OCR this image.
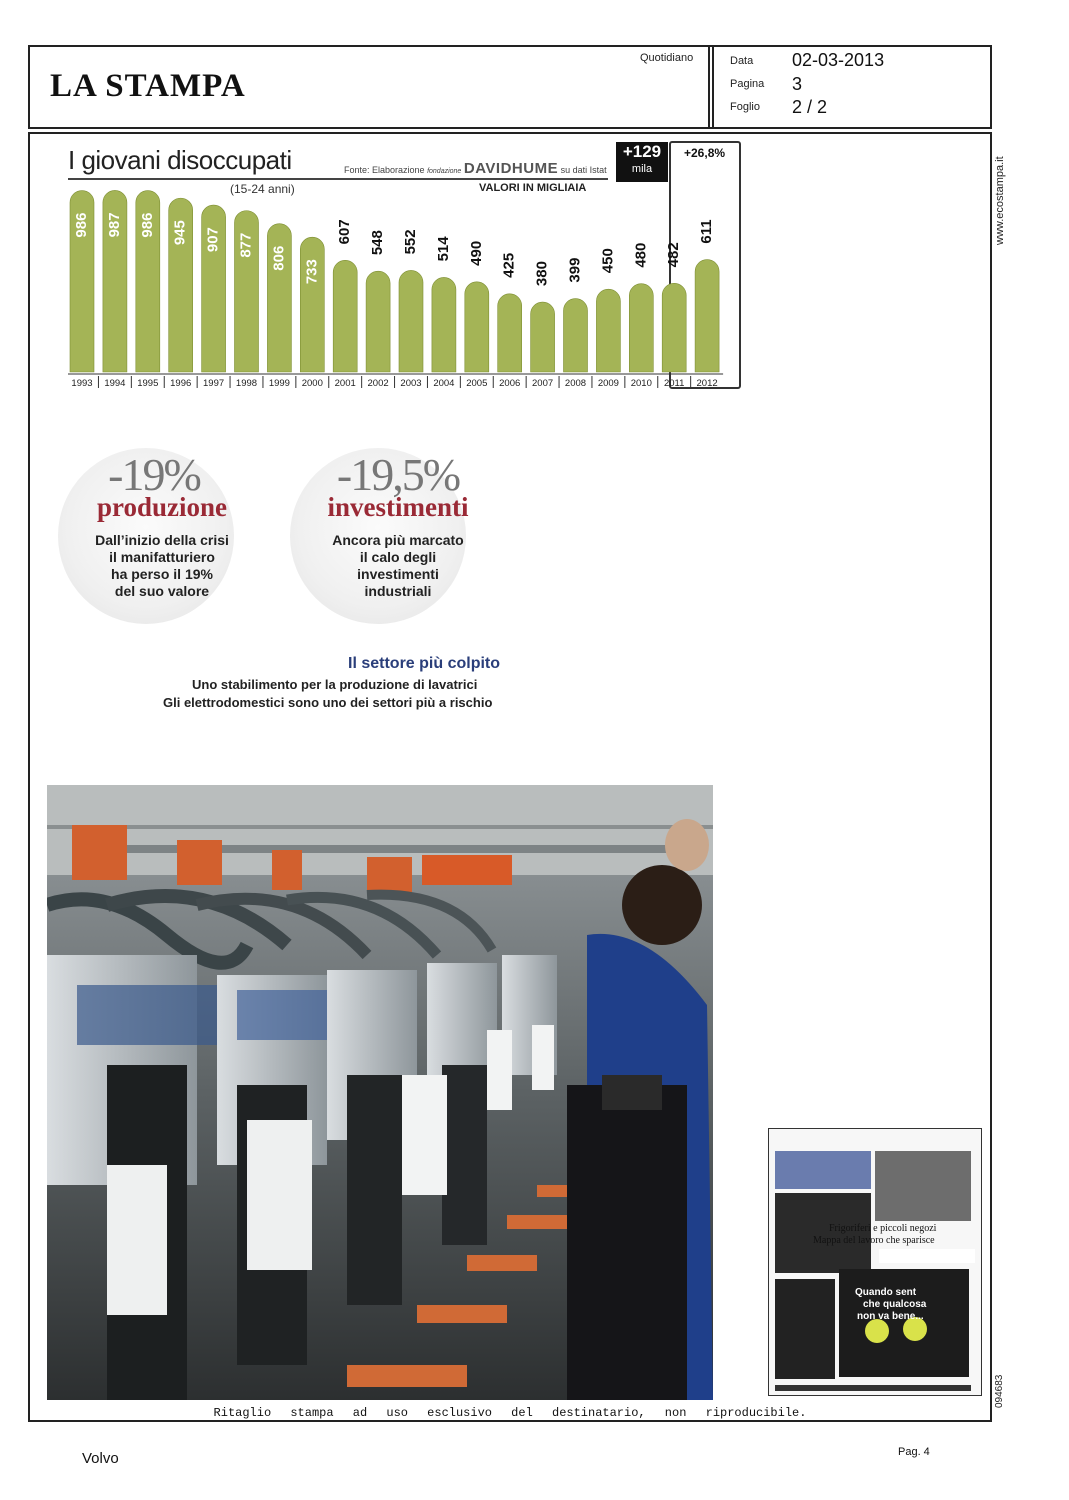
LA STAMPA
Quotidiano	Data 02-03-2013
Pagina 3
Foglio 2 / 2
www.ecostampa.it
094683
I giovani disoccupati
(15-24 anni)
Fonte: Elaborazione fondazione DAVIDHUME su dati Istat
VALORI IN MIGLIAIA
+129
mila
+26,8%
986
1993
987
1994
986
1995
945
1996
907
1997
877
1998
806
1999
733
2000
607
2001
548
2002
552
2003
514
2004
490
2005
425
2006
380
2007
399
2008
450
2009
480
2010
482
2011
611
2012
-19%
produzione
Dall’inizio della crisi
il manifatturiero
ha perso il 19%
del suo valore
-19,5%
investimenti
Ancora più marcato
il calo degli
investimenti
industriali
Il settore più colpito
Uno stabilimento per la produzione di lavatrici
Gli elettrodomestici sono uno dei settori più a rischio
Frigoriferi e piccoli negozi
Mappa del lavoro che sparisce
Quando sent
che qualcosa
non va bene...
Ritaglio stampa ad uso esclusivo del destinatario, non riproducibile.
Volvo	Pag. 4
